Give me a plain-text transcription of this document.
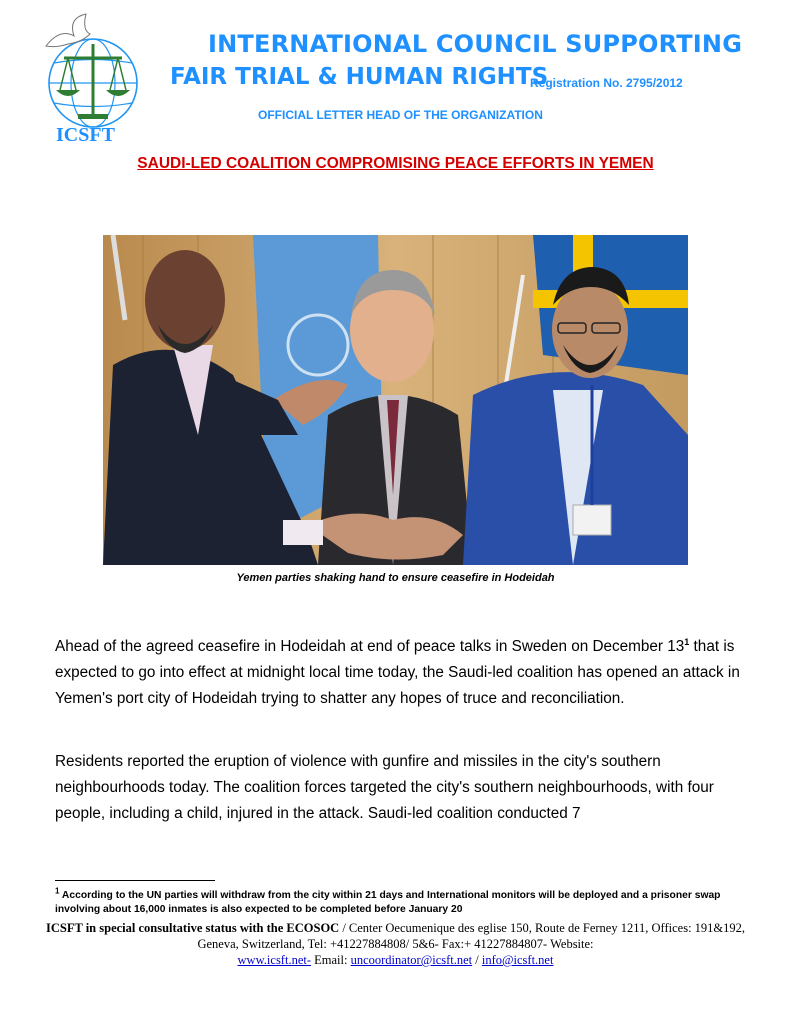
ICSFT
INTERNATIONAL COUNCIL SUPPORTING
FAIR TRIAL & HUMAN RIGHTS
Registration No. 2795/2012
OFFICIAL LETTER HEAD OF THE ORGANIZATION
SAUDI-LED COALITION COMPROMISING PEACE EFFORTS IN YEMEN
Yemen parties shaking hand to ensure ceasefire in Hodeidah

Ahead of the agreed ceasefire in Hodeidah at end of peace talks in Sweden on December $13^1$ that is expected to go into effect at midnight local time today, the Saudi-led coalition has opened an attack in Yemen's port city of Hodeidah trying to shatter any hopes of truce and reconciliation.

Residents reported the eruption of violence with gunfire and missiles in the city's southern neighbourhoods today. The coalition forces targeted the city's southern neighbourhoods, with four people, including a child, injured in the attack. Saudi-led coalition conducted 7

$^1$ According to the UN parties will withdraw from the city within 21 days and International monitors will be deployed and a prisoner swap involving about 16,000 inmates is also expected to be completed before January 20
ICSFT in special consultative status with the ECOSOC / Center Oecumenique des eglise 150, Route de Ferney 1211, Offices: 191&192, Geneva, Switzerland, Tel: +41227884808/ 5&6- Fax:+ 41227884807- Website:
www.icsft.net- Email: uncoordinator@icsft.net / info@icsft.net
